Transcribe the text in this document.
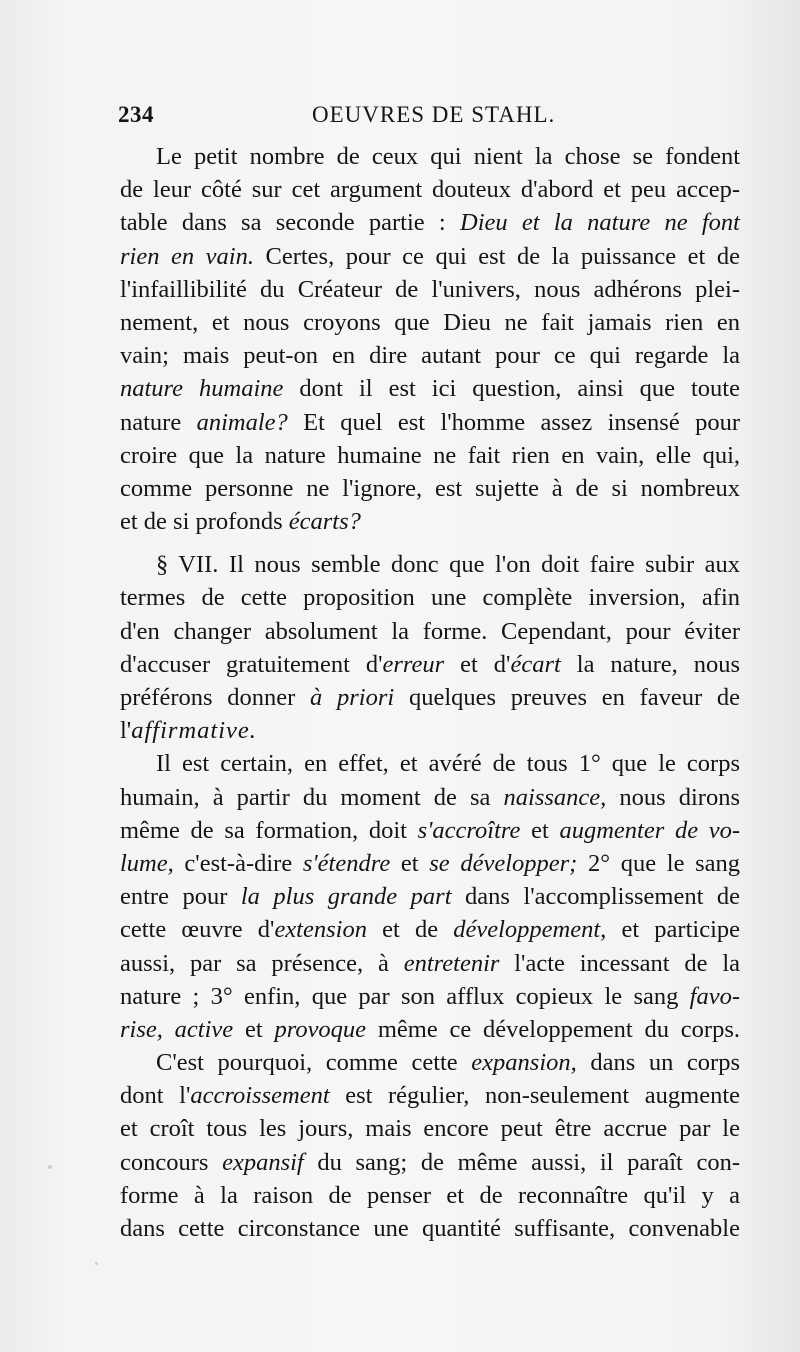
234	OEUVRES DE STAHL.
Le petit nombre de ceux qui nient la chose se fondent
de leur côté sur cet argument douteux d'abord et peu accep-
table dans sa seconde partie : Dieu et la nature ne font
rien en vain. Certes, pour ce qui est de la puissance et de
l'infaillibilité du Créateur de l'univers, nous adhérons plei-
nement, et nous croyons que Dieu ne fait jamais rien en
vain; mais peut-on en dire autant pour ce qui regarde la
nature humaine dont il est ici question, ainsi que toute
nature animale? Et quel est l'homme assez insensé pour
croire que la nature humaine ne fait rien en vain, elle qui,
comme personne ne l'ignore, est sujette à de si nombreux
et de si profonds écarts?
§ VII. Il nous semble donc que l'on doit faire subir aux
termes de cette proposition une complète inversion, afin
d'en changer absolument la forme. Cependant, pour éviter
d'accuser gratuitement d'erreur et d'écart la nature, nous
préférons donner à priori quelques preuves en faveur de
l'affirmative.
Il est certain, en effet, et avéré de tous 1° que le corps
humain, à partir du moment de sa naissance, nous dirons
même de sa formation, doit s'accroître et augmenter de vo-
lume, c'est-à-dire s'étendre et se développer; 2° que le sang
entre pour la plus grande part dans l'accomplissement de
cette œuvre d'extension et de développement, et participe
aussi, par sa présence, à entretenir l'acte incessant de la
nature ; 3° enfin, que par son afflux copieux le sang favo-
rise, active et provoque même ce développement du corps.
C'est pourquoi, comme cette expansion, dans un corps
dont l'accroissement est régulier, non-seulement augmente
et croît tous les jours, mais encore peut être accrue par le
concours expansif du sang; de même aussi, il paraît con-
forme à la raison de penser et de reconnaître qu'il y a
dans cette circonstance une quantité suffisante, convenable
